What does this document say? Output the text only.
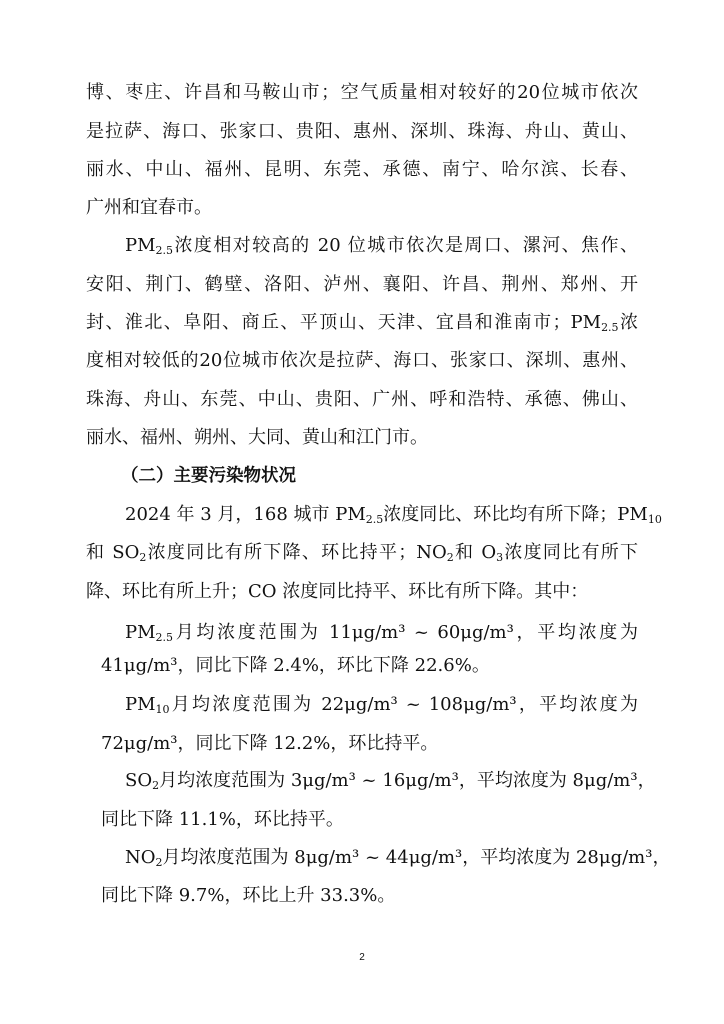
博、枣庄、许昌和马鞍山市；空气质量相对较好的20位城市依次
是拉萨、海口、张家口、贵阳、惠州、深圳、珠海、舟山、黄山、
丽水、中山、福州、昆明、东莞、承德、南宁、哈尔滨、长春、
广州和宜春市。
$PM_{2.5}$浓度相对较高的 20 位城市依次是周口、漯河、焦作、
安阳、荆门、鹤壁、洛阳、泸州、襄阳、许昌、荆州、郑州、开
封、淮北、阜阳、商丘、平顶山、天津、宜昌和淮南市；$PM_{2.5}$浓
度相对较低的20位城市依次是拉萨、海口、张家口、深圳、惠州、
珠海、舟山、东莞、中山、贵阳、广州、呼和浩特、承德、佛山、
丽水、福州、朔州、大同、黄山和江门市。
（二）主要污染物状况
2024 年 3 月，168 城市 $PM_{2.5}$浓度同比、环比均有所下降；$PM_{10}$
和 $SO_2$浓度同比有所下降、环比持平；$NO_2$和 $O_3$浓度同比有所下
降、环比有所上升；CO 浓度同比持平、环比有所下降。其中：
$PM_{2.5}$月均浓度范围为 11μg/m³ ~ 60μg/m³，平均浓度为
41μg/m³，同比下降 2.4%，环比下降 22.6%。
$PM_{10}$月均浓度范围为 22μg/m³ ~ 108μg/m³，平均浓度为
72μg/m³，同比下降 12.2%，环比持平。
$SO_2$月均浓度范围为 3μg/m³ ~ 16μg/m³，平均浓度为 8μg/m³，
同比下降 11.1%，环比持平。
$NO_2$月均浓度范围为 8μg/m³ ~ 44μg/m³，平均浓度为 28μg/m³，
同比下降 9.7%，环比上升 33.3%。
2
